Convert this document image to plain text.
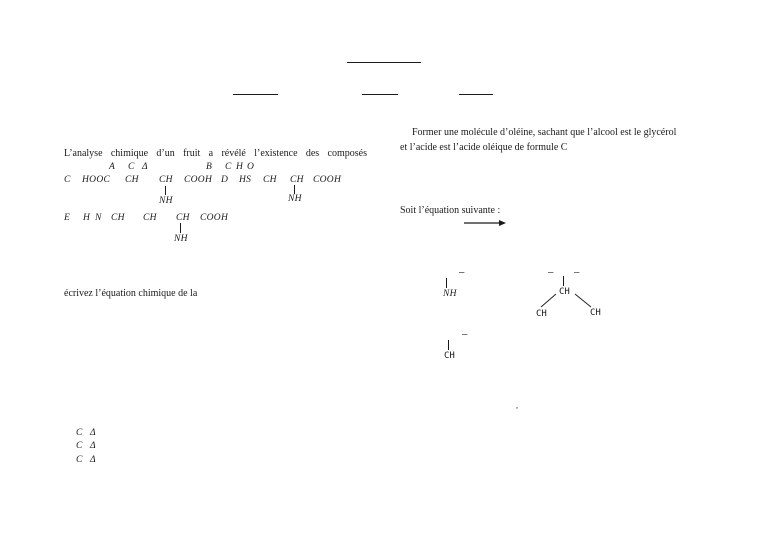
L’analyse chimique d’un fruit a révélé l’existence des composés
A C Δ	B C H O
C HOOC CH CH COOH D HS CH CH COOH
NH	NH
E H N CH CH CH COOH
NH
écrivez l’équation chimique de la
C Δ
C Δ
C Δ
Former une molécule d’oléine, sachant que l’alcool est le glycérol
et l’acide est l’acide oléique de formule C
Soit l’équation suivante :
–
NH
– –
CH
CH	CH
–
CH
,
